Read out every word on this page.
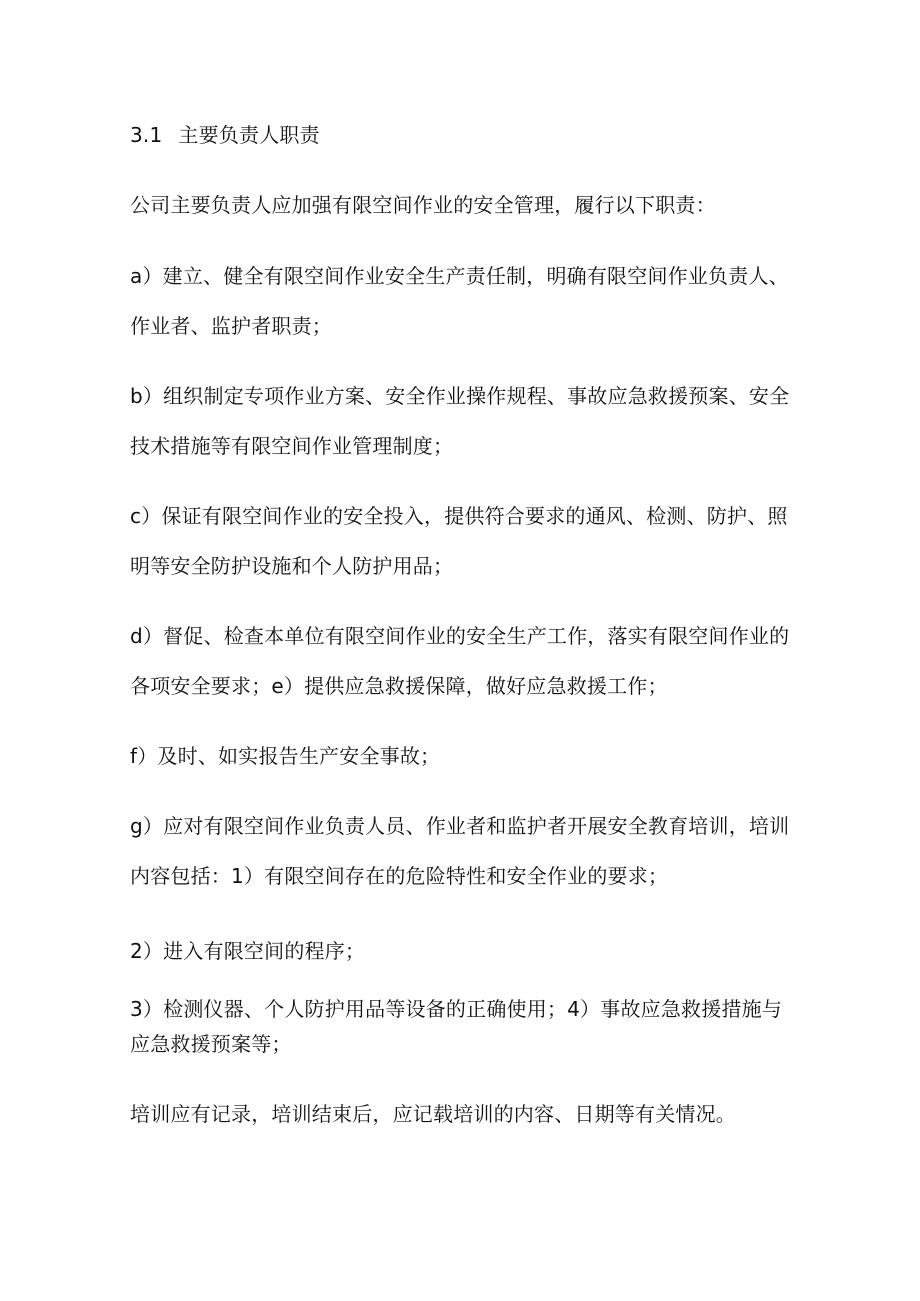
3.1 主要负责人职责
公司主要负责人应加强有限空间作业的安全管理，履行以下职责：
a）建立、健全有限空间作业安全生产责任制，明确有限空间作业负责人、
作业者、监护者职责；
b）组织制定专项作业方案、安全作业操作规程、事故应急救援预案、安全
技术措施等有限空间作业管理制度；
c）保证有限空间作业的安全投入，提供符合要求的通风、检测、防护、照
明等安全防护设施和个人防护用品；
d）督促、检查本单位有限空间作业的安全生产工作，落实有限空间作业的
各项安全要求；e）提供应急救援保障，做好应急救援工作；
f）及时、如实报告生产安全事故；
g）应对有限空间作业负责人员、作业者和监护者开展安全教育培训，培训
内容包括：1）有限空间存在的危险特性和安全作业的要求；
2）进入有限空间的程序；
3）检测仪器、个人防护用品等设备的正确使用；4）事故应急救援措施与
应急救援预案等；
培训应有记录，培训结束后，应记载培训的内容、日期等有关情况。
